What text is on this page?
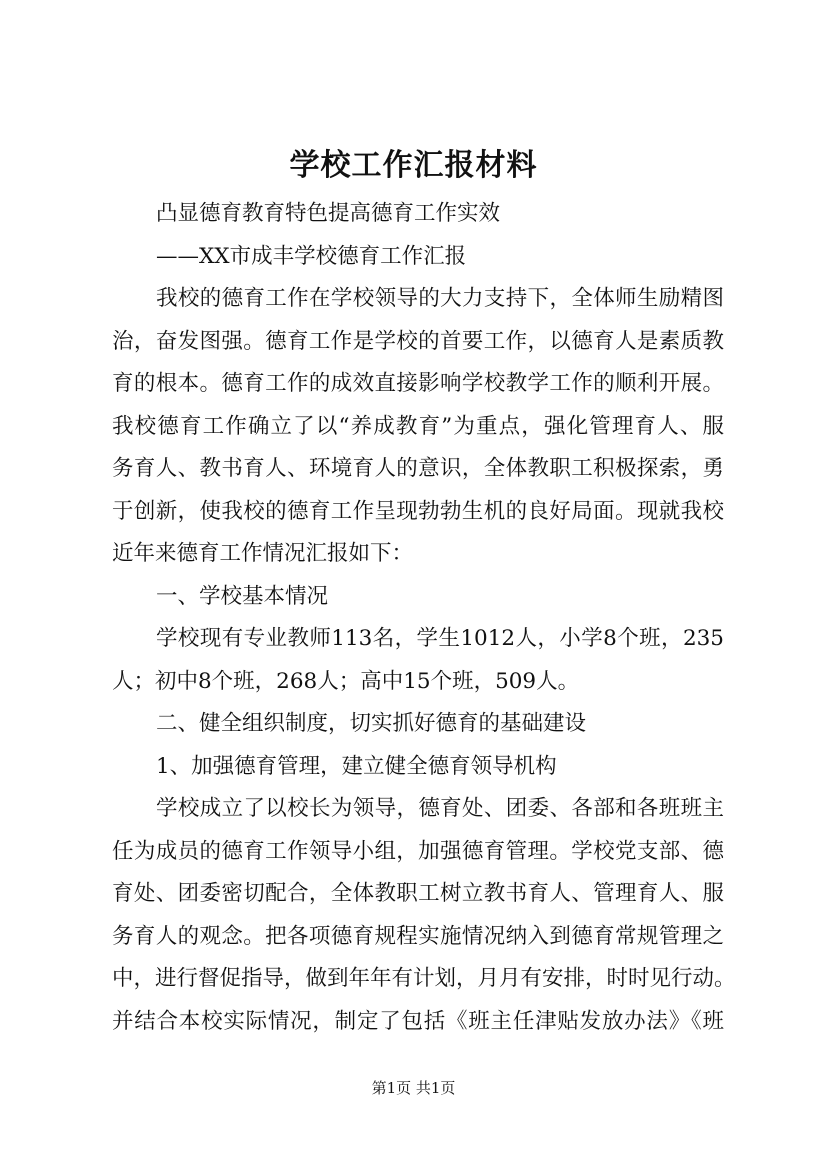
学校工作汇报材料
凸显德育教育特色提高德育工作实效
——XX市成丰学校德育工作汇报
我校的德育工作在学校领导的大力支持下，全体师生励精图
治，奋发图强。德育工作是学校的首要工作，以德育人是素质教
育的根本。德育工作的成效直接影响学校教学工作的顺利开展。
我校德育工作确立了以“养成教育”为重点，强化管理育人、服
务育人、教书育人、环境育人的意识，全体教职工积极探索，勇
于创新，使我校的德育工作呈现勃勃生机的良好局面。现就我校
近年来德育工作情况汇报如下：
一、学校基本情况
学校现有专业教师113名，学生1012人，小学8个班，235
人；初中8个班，268人；高中15个班，509人。
二、健全组织制度，切实抓好德育的基础建设
1、加强德育管理，建立健全德育领导机构
学校成立了以校长为领导，德育处、团委、各部和各班班主
任为成员的德育工作领导小组，加强德育管理。学校党支部、德
育处、团委密切配合，全体教职工树立教书育人、管理育人、服
务育人的观念。把各项德育规程实施情况纳入到德育常规管理之
中，进行督促指导，做到年年有计划，月月有安排，时时见行动。
并结合本校实际情况，制定了包括《班主任津贴发放办法》《班
第1页 共1页
